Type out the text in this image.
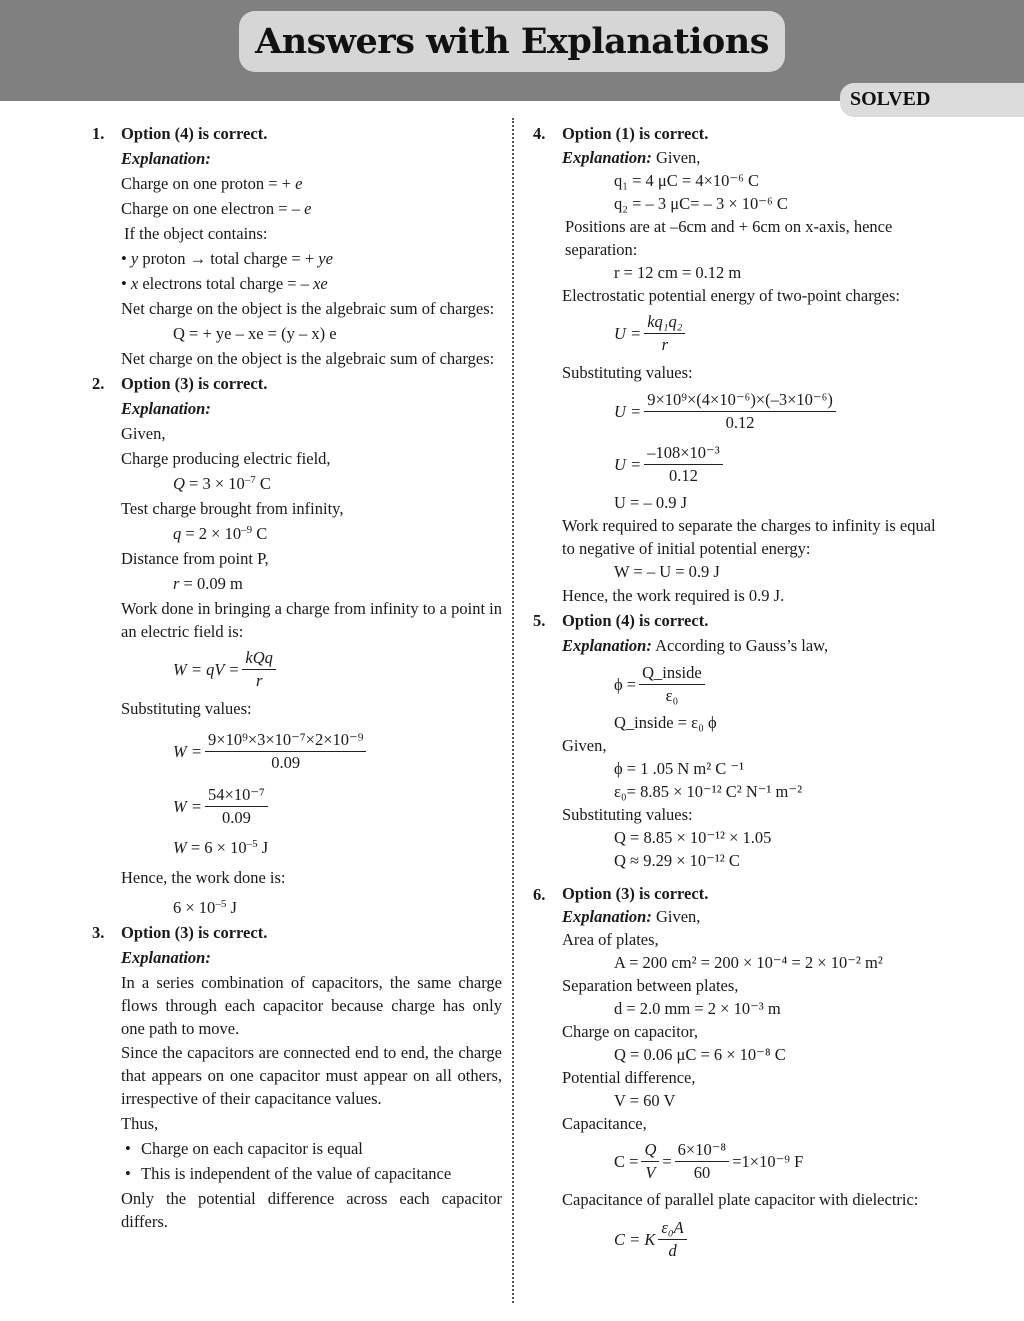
Answers with Explanations
SOLVED
1. Option (4) is correct.
Explanation:
Charge on one proton = + e
Charge on one electron = – e
If the object contains:
• y proton → total charge = + ye
• x electrons total charge = – xe
Net charge on the object is the algebraic sum of charges:
Q = + ye – xe = (y – x) e
Net charge on the object is the algebraic sum of charges:
2. Option (3) is correct.
Explanation:
Given,
Charge producing electric field,
$Q = 3 \times 10^{-7}$ C
Test charge brought from infinity,
$q = 2 \times 10^{-9}$ C
Distance from point P,
r = 0.09 m
Work done in bringing a charge from infinity to a point in an electric field is:
W = qV = $\frac{\text{kQq}}{r}$
Substituting values:
$W = \frac{\text{9×10⁹×3×10⁻⁷×2×10⁻⁹}}{0.09}$
$W = \frac{\text{54×10⁻⁷}}{0.09}$
$W = 6 \times 10^{-5}$ J
Hence, the work done is:
$6 \times 10^{-5}$ J
3. Option (3) is correct.
Explanation:
In a series combination of capacitors, the same charge flows through each capacitor because charge has only one path to move.
Since the capacitors are connected end to end, the charge that appears on one capacitor must appear on all others, irrespective of their capacitance values.
Thus,
• Charge on each capacitor is equal
• This is independent of the value of capacitance
Only the potential difference across each capacitor differs.
4. Option (1) is correct.
Explanation: Given,
q₁ = 4 μC = 4×10⁻⁶ C
q₂ = – 3 μC= – 3 × 10⁻⁶ C
Positions are at –6cm and + 6cm on x-axis, hence separation:
r = 12 cm = 0.12 m
Electrostatic potential energy of two-point charges:
$U = \frac{\text{kq₁q₂}}{r}$
Substituting values:
$U = \frac{\text{9×10⁹×(4×10⁻⁶)×(–3×10⁻⁶)}}{0.12}$
$U = \frac{\text{–108×10⁻³}}{0.12}$
U = – 0.9 J
Work required to separate the charges to infinity is equal to negative of initial potential energy:
W = – U = 0.9 J
Hence, the work required is 0.9 J.
5. Option (4) is correct.
Explanation: According to Gauss’s law,
$\phi = \frac{\text{Q\_inside}}{\text{ε₀}}$
Q_inside = ε₀ ϕ
Given,
ϕ = 1 .05 N m² C ⁻¹
ε₀= 8.85 × 10⁻¹² C² N⁻¹ m⁻²
Substituting values:
Q = 8.85 × 10⁻¹² × 1.05
Q ≈ 9.29 × 10⁻¹² C
6. Option (3) is correct.
Explanation: Given,
Area of plates,
A = 200 cm² = 200 × 10⁻⁴ = 2 × 10⁻² m²
Separation between plates,
d = 2.0 mm = 2 × 10⁻³ m
Charge on capacitor,
Q = 0.06 μC = 6 × 10⁻⁸ C
Potential difference,
V = 60 V
Capacitance,
$C = \frac{Q}{V} = \frac{\text{6×10⁻⁸}}{60} =1\times 10^{-9}$ F
Capacitance of parallel plate capacitor with dielectric:
C = K $\frac{\text{ε₀A}}{d}$
